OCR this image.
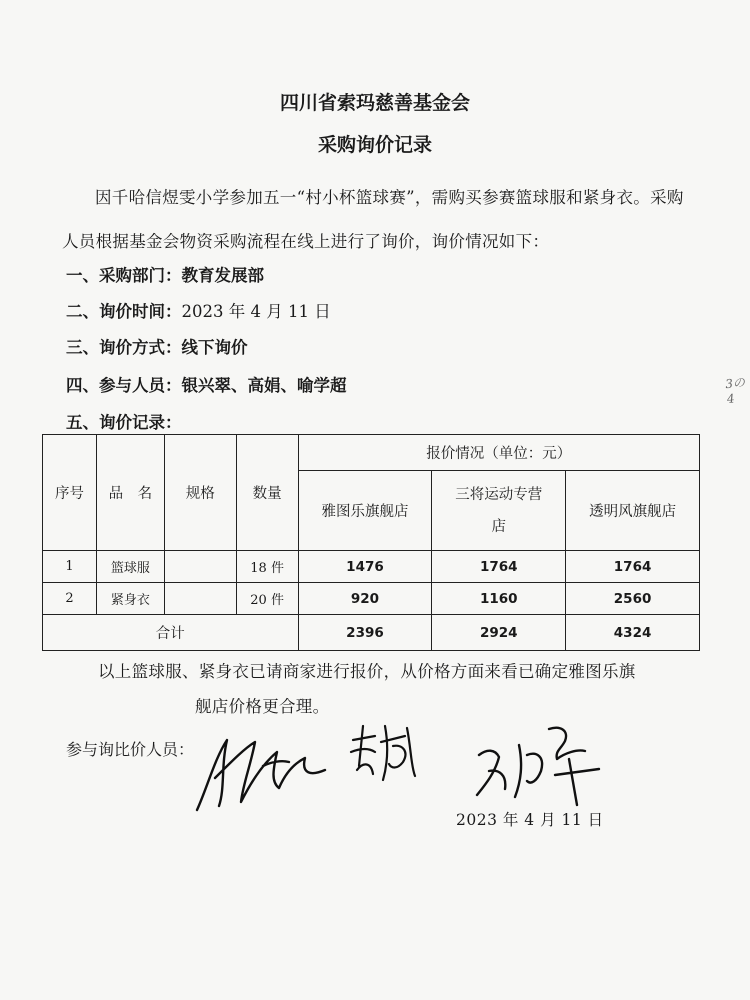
四川省索玛慈善基金会
采购询价记录
因千哈信煜雯小学参加五一“村小杯篮球赛”，需购买参赛篮球服和紧身衣。采购人员根据基金会物资采购流程在线上进行了询价，询价情况如下：
一、采购部门：教育发展部
二、询价时间：2023 年 4 月 11 日
三、询价方式：线下询价
四、参与人员：银兴翠、高娟、喻学超
五、询价记录：
3の4
序号	品　名	规格	数量	报价情况（单位：元）		
				雅图乐旗舰店	三将运动专营店	透明风旗舰店
1	篮球服		18 件	1476	1764	1764
2	紧身衣		20 件	920	1160	2560
合计				2396	2924	4324
以上篮球服、紧身衣已请商家进行报价，从价格方面来看已确定雅图乐旗
舰店价格更合理。
参与询比价人员：
2023 年 4 月 11 日
